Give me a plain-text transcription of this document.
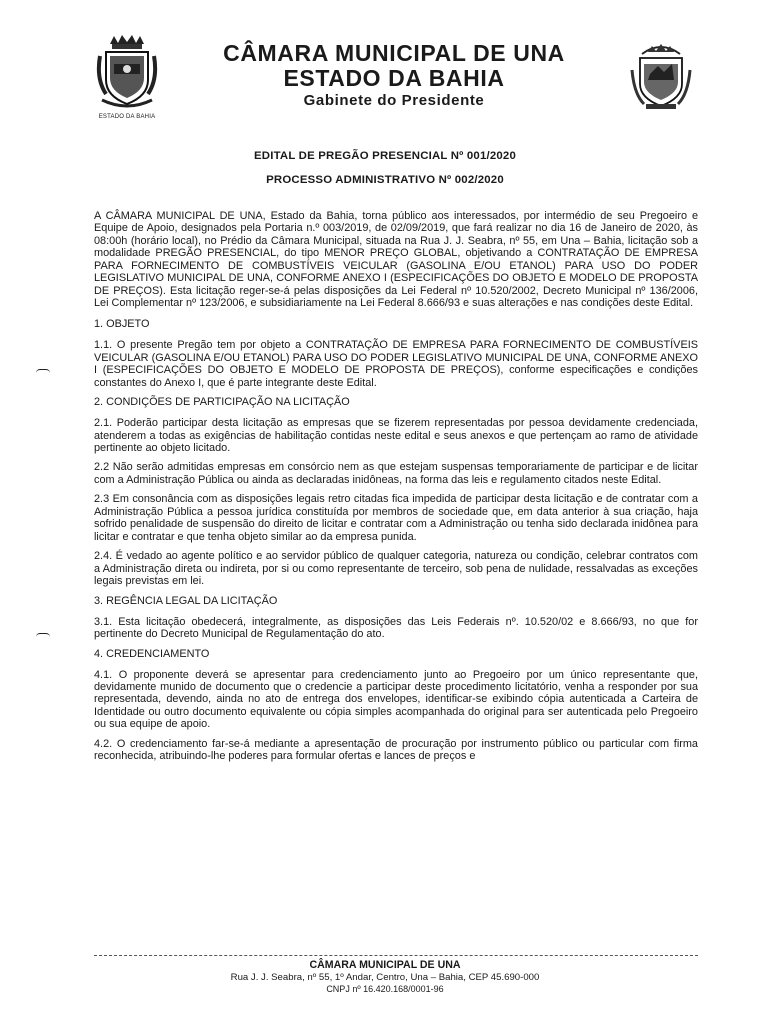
ESTADO DA BAHIA
CÂMARA MUNICIPAL DE UNA
ESTADO DA BAHIA
Gabinete do Presidente
EDITAL DE PREGÃO PRESENCIAL Nº 001/2020
PROCESSO ADMINISTRATIVO Nº 002/2020

A CÂMARA MUNICIPAL DE UNA, Estado da Bahia, torna público aos interessados, por intermédio de seu Pregoeiro e Equipe de Apoio, designados pela Portaria n.º 003/2019, de 02/09/2019, que fará realizar no dia 16 de Janeiro de 2020, às 08:00h (horário local), no Prédio da Câmara Municipal, situada na Rua J. J. Seabra, nº 55, em Una – Bahia, licitação sob a modalidade PREGÃO PRESENCIAL, do tipo MENOR PREÇO GLOBAL, objetivando a CONTRATAÇÃO DE EMPRESA PARA FORNECIMENTO DE COMBUSTÍVEIS VEICULAR (GASOLINA E/OU ETANOL) PARA USO DO PODER LEGISLATIVO MUNICIPAL DE UNA, CONFORME ANEXO I (ESPECIFICAÇÕES DO OBJETO E MODELO DE PROPOSTA DE PREÇOS). Esta licitação reger-se-á pelas disposições da Lei Federal nº 10.520/2002, Decreto Municipal nº 136/2006, Lei Complementar nº 123/2006, e subsidiariamente na Lei Federal 8.666/93 e suas alterações e nas condições deste Edital.

1. OBJETO

1.1. O presente Pregão tem por objeto a CONTRATAÇÃO DE EMPRESA PARA FORNECIMENTO DE COMBUSTÍVEIS VEICULAR (GASOLINA E/OU ETANOL) PARA USO DO PODER LEGISLATIVO MUNICIPAL DE UNA, CONFORME ANEXO I (ESPECIFICAÇÕES DO OBJETO E MODELO DE PROPOSTA DE PREÇOS), conforme especificações e condições constantes do Anexo I, que é parte integrante deste Edital.

2. CONDIÇÕES DE PARTICIPAÇÃO NA LICITAÇÃO

2.1. Poderão participar desta licitação as empresas que se fizerem representadas por pessoa devidamente credenciada, atenderem a todas as exigências de habilitação contidas neste edital e seus anexos e que pertençam ao ramo de atividade pertinente ao objeto licitado.

2.2 Não serão admitidas empresas em consórcio nem as que estejam suspensas temporariamente de participar e de licitar com a Administração Pública ou ainda as declaradas inidôneas, na forma das leis e regulamento citados neste Edital.

2.3 Em consonância com as disposições legais retro citadas fica impedida de participar desta licitação e de contratar com a Administração Pública a pessoa jurídica constituída por membros de sociedade que, em data anterior à sua criação, haja sofrido penalidade de suspensão do direito de licitar e contratar com a Administração ou tenha sido declarada inidônea para licitar e contratar e que tenha objeto similar ao da empresa punida.

2.4. É vedado ao agente político e ao servidor público de qualquer categoria, natureza ou condição, celebrar contratos com a Administração direta ou indireta, por si ou como representante de terceiro, sob pena de nulidade, ressalvadas as exceções legais previstas em lei.

3. REGÊNCIA LEGAL DA LICITAÇÃO

3.1. Esta licitação obedecerá, integralmente, as disposições das Leis Federais nº. 10.520/02 e 8.666/93, no que for pertinente do Decreto Municipal de Regulamentação do ato.

4. CREDENCIAMENTO

4.1. O proponente deverá se apresentar para credenciamento junto ao Pregoeiro por um único representante que, devidamente munido de documento que o credencie a participar deste procedimento licitatório, venha a responder por sua representada, devendo, ainda no ato de entrega dos envelopes, identificar-se exibindo cópia autenticada a Carteira de Identidade ou outro documento equivalente ou cópia simples acompanhada do original para ser autenticada pelo Pregoeiro ou sua equipe de apoio.

4.2. O credenciamento far-se-á mediante a apresentação de procuração por instrumento público ou particular com firma reconhecida, atribuindo-lhe poderes para formular ofertas e lances de preços e

CÂMARA MUNICIPAL DE UNA
Rua J. J. Seabra, nº 55, 1º Andar, Centro, Una – Bahia, CEP 45.690-000
CNPJ nº 16.420.168/0001-96
